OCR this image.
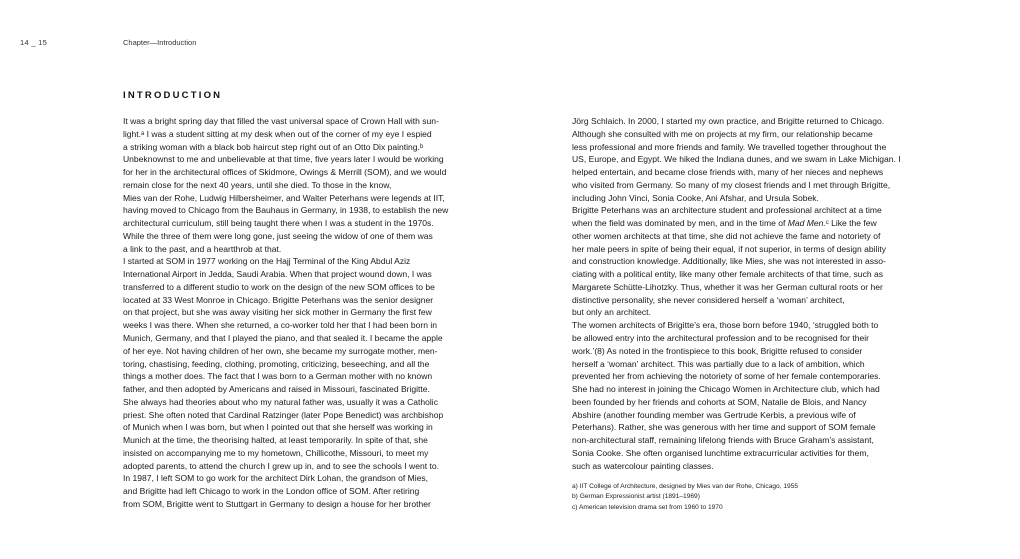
14 _ 15	Chapter—Introduction
INTRODUCTION
It was a bright spring day that filled the vast universal space of Crown Hall with sun-
light.ᵃ I was a student sitting at my desk when out of the corner of my eye I espied
a striking woman with a black bob haircut step right out of an Otto Dix painting.ᵇ
Unbeknownst to me and unbelievable at that time, five years later I would be working
for her in the architectural offices of Skidmore, Owings & Merrill (SOM), and we would
remain close for the next 40 years, until she died. To those in the know,
Mies van der Rohe, Ludwig Hilbersheimer, and Walter Peterhans were legends at IIT,
having moved to Chicago from the Bauhaus in Germany, in 1938, to establish the new
architectural curriculum, still being taught there when I was a student in the 1970s.
While the three of them were long gone, just seeing the widow of one of them was
a link to the past, and a heartthrob at that.
I started at SOM in 1977 working on the Hajj Terminal of the King Abdul Aziz
International Airport in Jedda, Saudi Arabia. When that project wound down, I was
transferred to a different studio to work on the design of the new SOM offices to be
located at 33 West Monroe in Chicago. Brigitte Peterhans was the senior designer
on that project, but she was away visiting her sick mother in Germany the first few
weeks I was there. When she returned, a co-worker told her that I had been born in
Munich, Germany, and that I played the piano, and that sealed it. I became the apple
of her eye. Not having children of her own, she became my surrogate mother, men-
toring, chastising, feeding, clothing, promoting, criticizing, beseeching, and all the
things a mother does. The fact that I was born to a German mother with no known
father, and then adopted by Americans and raised in Missouri, fascinated Brigitte.
She always had theories about who my natural father was, usually it was a Catholic
priest. She often noted that Cardinal Ratzinger (later Pope Benedict) was archbishop
of Munich when I was born, but when I pointed out that she herself was working in
Munich at the time, the theorising halted, at least temporarily. In spite of that, she
insisted on accompanying me to my hometown, Chillicothe, Missouri, to meet my
adopted parents, to attend the church I grew up in, and to see the schools I went to.
In 1987, I left SOM to go work for the architect Dirk Lohan, the grandson of Mies,
and Brigitte had left Chicago to work in the London office of SOM. After retiring
from SOM, Brigitte went to Stuttgart in Germany to design a house for her brother
Jörg Schlaich. In 2000, I started my own practice, and Brigitte returned to Chicago.
Although she consulted with me on projects at my firm, our relationship became
less professional and more friends and family. We travelled together throughout the
US, Europe, and Egypt. We hiked the Indiana dunes, and we swam in Lake Michigan. I
helped entertain, and became close friends with, many of her nieces and nephews
who visited from Germany. So many of my closest friends and I met through Brigitte,
including John Vinci, Sonia Cooke, Ani Afshar, and Ursula Sobek.
Brigitte Peterhans was an architecture student and professional architect at a time
when the field was dominated by men, and in the time of Mad Men.ᶜ Like the few
other women architects at that time, she did not achieve the fame and notoriety of
her male peers in spite of being their equal, if not superior, in terms of design ability
and construction knowledge. Additionally, like Mies, she was not interested in asso-
ciating with a political entity, like many other female architects of that time, such as
Margarete Schütte-Lihotzky. Thus, whether it was her German cultural roots or her
distinctive personality, she never considered herself a ‘woman’ architect,
but only an architect.
The women architects of Brigitte’s era, those born before 1940, ‘struggled both to
be allowed entry into the architectural profession and to be recognised for their
work.’(8) As noted in the frontispiece to this book, Brigitte refused to consider
herself a ‘woman’ architect. This was partially due to a lack of ambition, which
prevented her from achieving the notoriety of some of her female contemporaries.
She had no interest in joining the Chicago Women in Architecture club, which had
been founded by her friends and cohorts at SOM, Natalie de Blois, and Nancy
Abshire (another founding member was Gertrude Kerbis, a previous wife of
Peterhans). Rather, she was generous with her time and support of SOM female
non-architectural staff, remaining lifelong friends with Bruce Graham’s assistant,
Sonia Cooke. She often organised lunchtime extracurricular activities for them,
such as watercolour painting classes.
a) IIT College of Architecture, designed by Mies van der Rohe, Chicago, 1955
b) German Expressionist artist (1891–1969)
c) American television drama set from 1960 to 1970
